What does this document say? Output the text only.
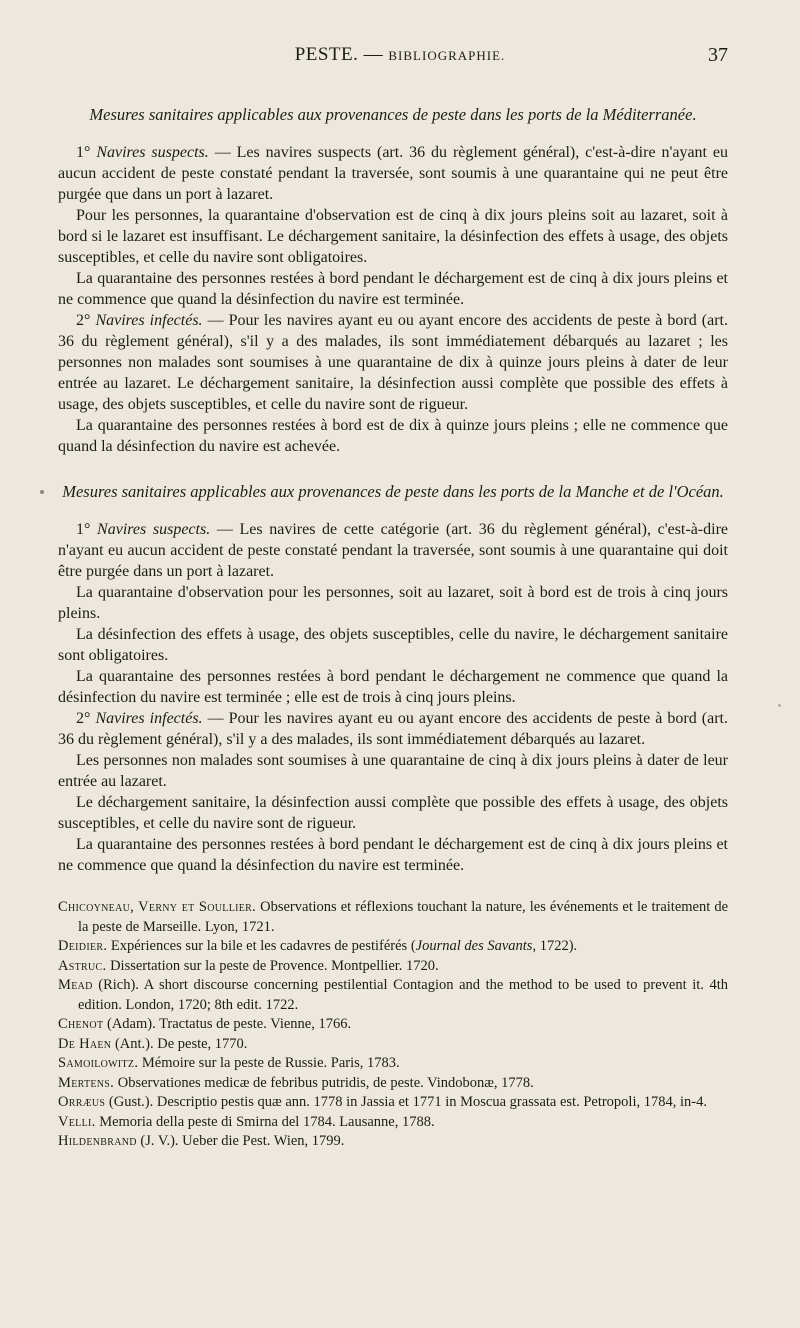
PESTE. — BIBLIOGRAPHIE.	37
Mesures sanitaires applicables aux provenances de peste dans les ports de la Méditerranée.

1° Navires suspects. — Les navires suspects (art. 36 du règlement général), c'est-à-dire n'ayant eu aucun accident de peste constaté pendant la traversée, sont soumis à une quarantaine qui ne peut être purgée que dans un port à lazaret.

Pour les personnes, la quarantaine d'observation est de cinq à dix jours pleins soit au lazaret, soit à bord si le lazaret est insuffisant. Le déchargement sanitaire, la désinfection des effets à usage, des objets susceptibles, et celle du navire sont obligatoires.

La quarantaine des personnes restées à bord pendant le déchargement est de cinq à dix jours pleins et ne commence que quand la désinfection du navire est terminée.

2° Navires infectés. — Pour les navires ayant eu ou ayant encore des accidents de peste à bord (art. 36 du règlement général), s'il y a des malades, ils sont immédiatement débarqués au lazaret ; les personnes non malades sont soumises à une quarantaine de dix à quinze jours pleins à dater de leur entrée au lazaret. Le déchargement sanitaire, la désinfection aussi complète que possible des effets à usage, des objets susceptibles, et celle du navire sont de rigueur.

La quarantaine des personnes restées à bord est de dix à quinze jours pleins ; elle ne commence que quand la désinfection du navire est achevée.

Mesures sanitaires applicables aux provenances de peste dans les ports de la Manche et de l'Océan.

1° Navires suspects. — Les navires de cette catégorie (art. 36 du règlement général), c'est-à-dire n'ayant eu aucun accident de peste constaté pendant la traversée, sont soumis à une quarantaine qui doit être purgée dans un port à lazaret.

La quarantaine d'observation pour les personnes, soit au lazaret, soit à bord est de trois à cinq jours pleins.

La désinfection des effets à usage, des objets susceptibles, celle du navire, le déchargement sanitaire sont obligatoires.

La quarantaine des personnes restées à bord pendant le déchargement ne commence que quand la désinfection du navire est terminée ; elle est de trois à cinq jours pleins.

2° Navires infectés. — Pour les navires ayant eu ou ayant encore des accidents de peste à bord (art. 36 du règlement général), s'il y a des malades, ils sont immédiatement débarqués au lazaret.

Les personnes non malades sont soumises à une quarantaine de cinq à dix jours pleins à dater de leur entrée au lazaret.

Le déchargement sanitaire, la désinfection aussi complète que possible des effets à usage, des objets susceptibles, et celle du navire sont de rigueur.

La quarantaine des personnes restées à bord pendant le déchargement est de cinq à dix jours pleins et ne commence que quand la désinfection du navire est terminée.

Chicoyneau, Verny et Soullier. Observations et réflexions touchant la nature, les événements et le traitement de la peste de Marseille. Lyon, 1721.

Deidier. Expériences sur la bile et les cadavres de pestiférés (Journal des Savants, 1722).

Astruc. Dissertation sur la peste de Provence. Montpellier. 1720.

Mead (Rich). A short discourse concerning pestilential Contagion and the method to be used to prevent it. 4th edition. London, 1720; 8th edit. 1722.

Chenot (Adam). Tractatus de peste. Vienne, 1766.

De Haen (Ant.). De peste, 1770.

Samoilowitz. Mémoire sur la peste de Russie. Paris, 1783.

Mertens. Observationes medicæ de febribus putridis, de peste. Vindobonæ, 1778.

Orræus (Gust.). Descriptio pestis quæ ann. 1778 in Jassia et 1771 in Moscua grassata est. Petropoli, 1784, in-4.

Velli. Memoria della peste di Smirna del 1784. Lausanne, 1788.

Hildenbrand (J. V.). Ueber die Pest. Wien, 1799.
